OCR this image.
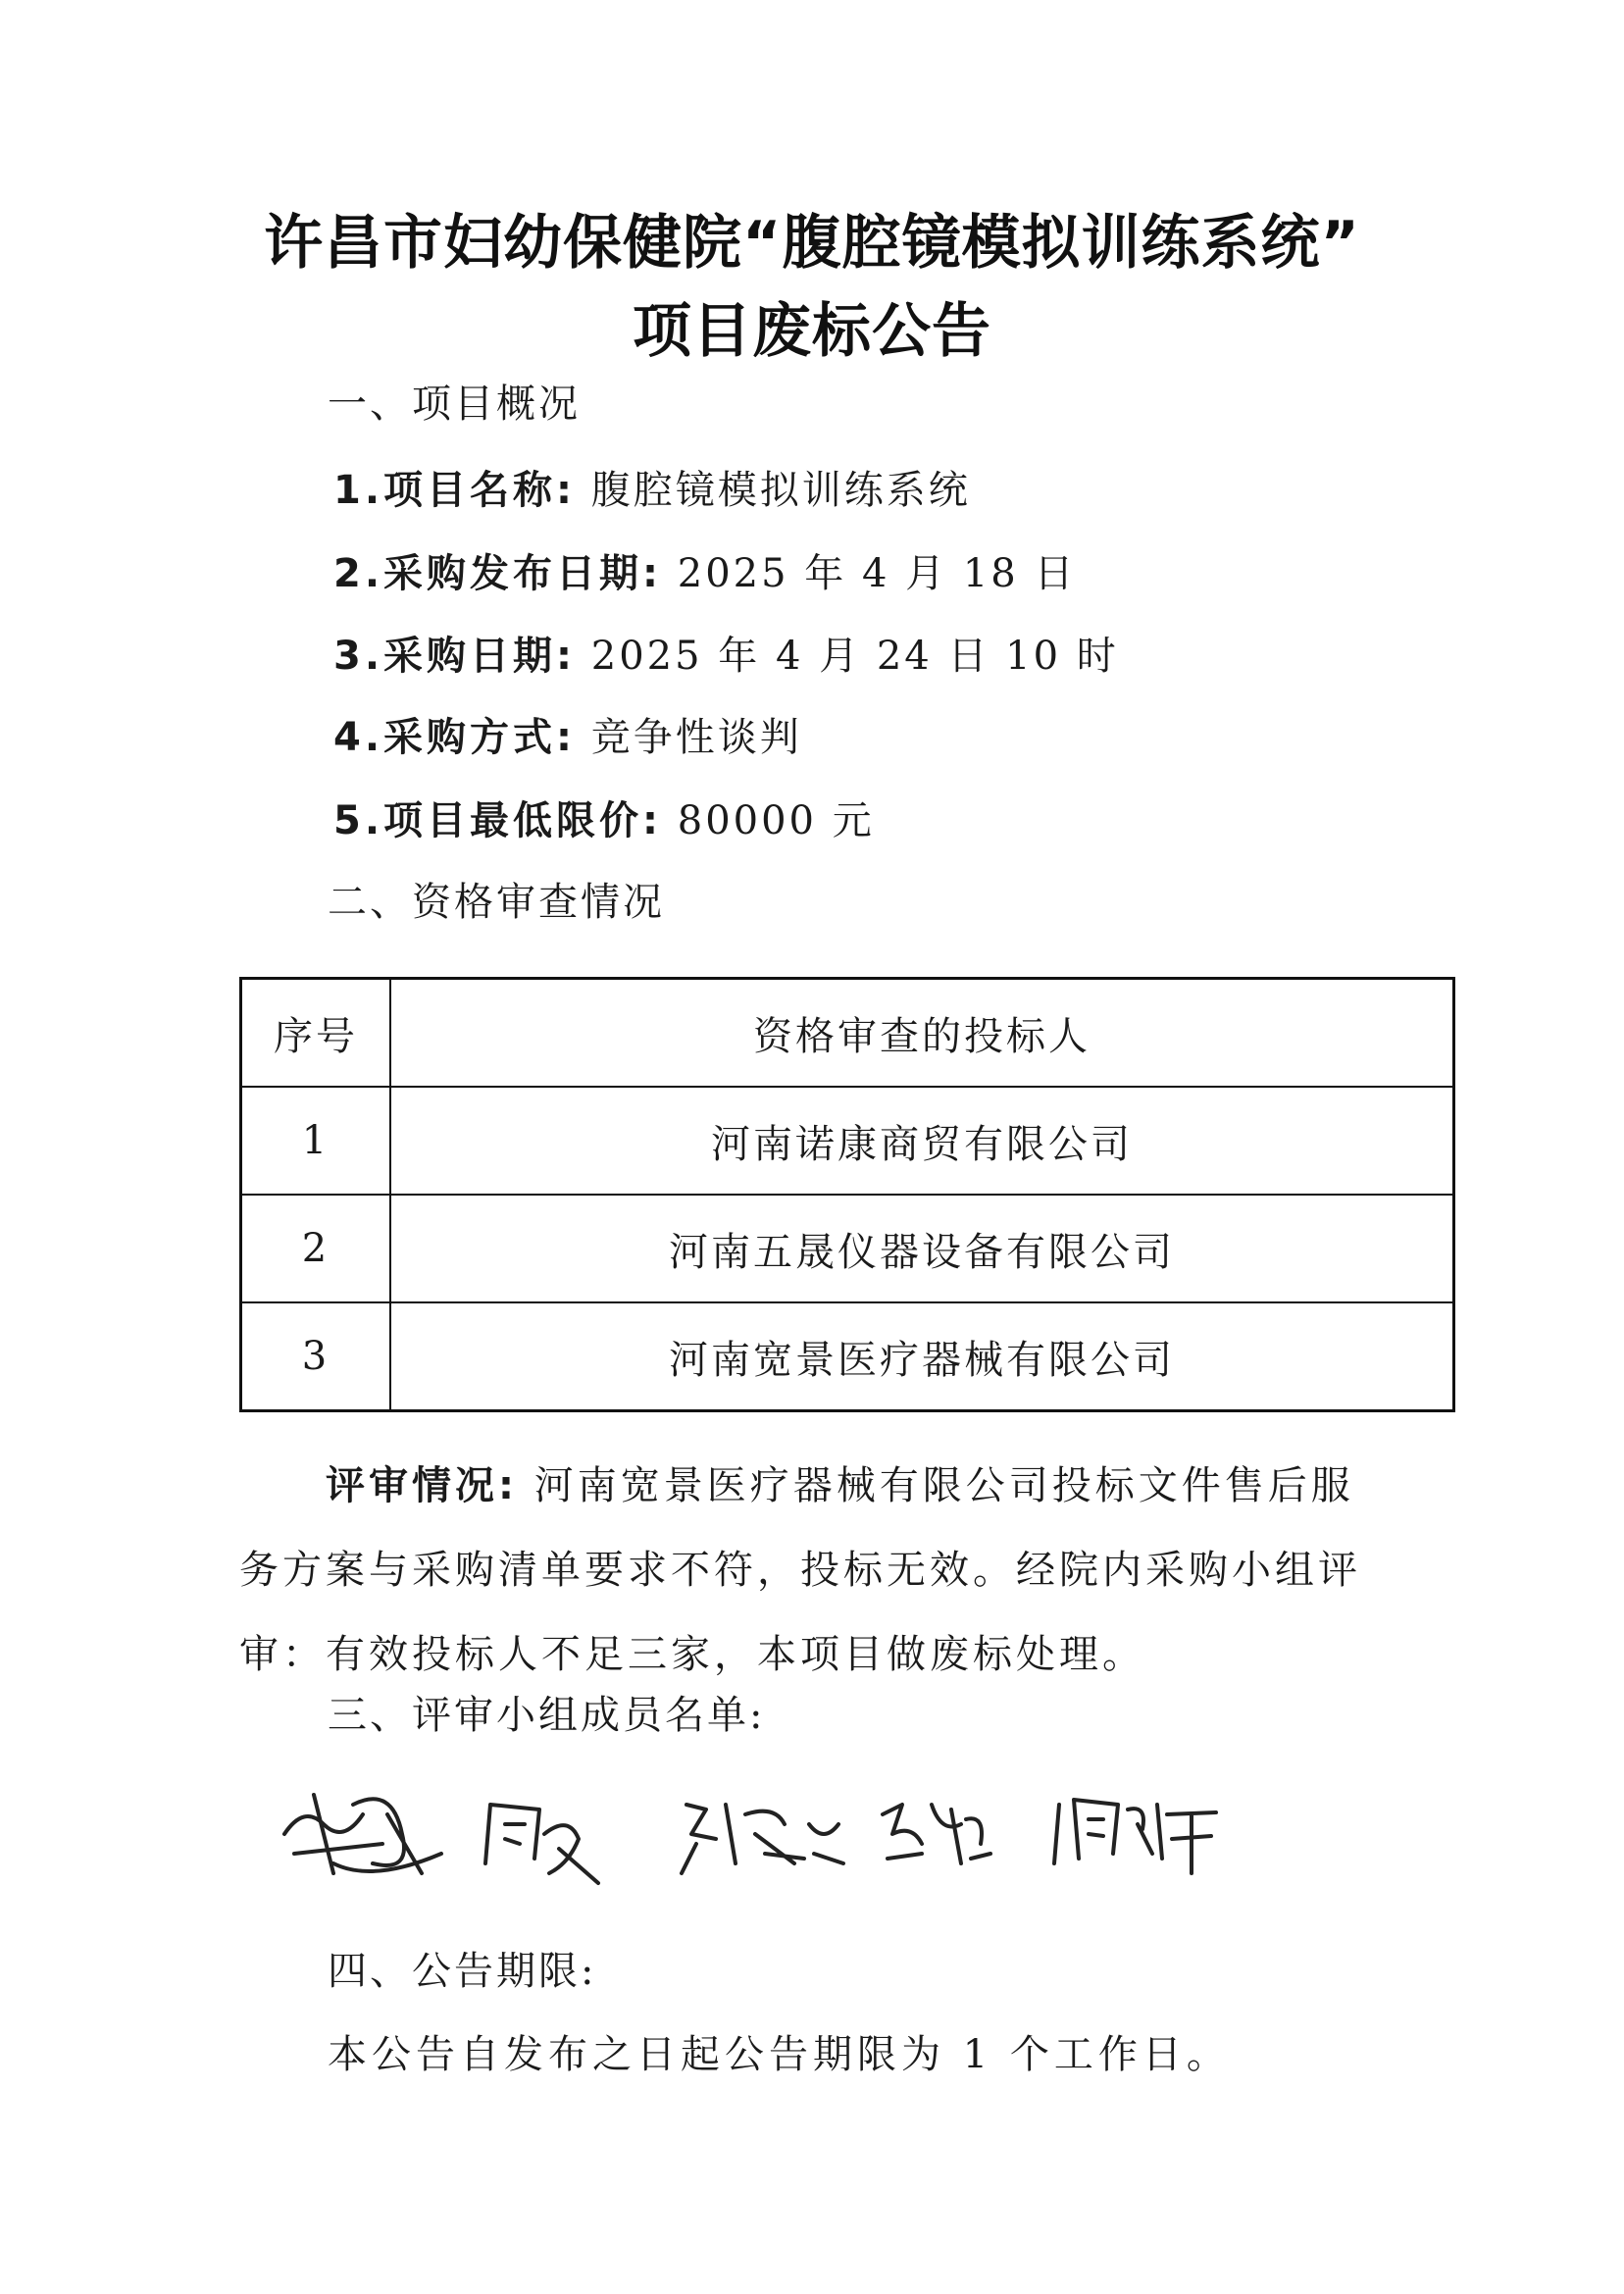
许昌市妇幼保健院“腹腔镜模拟训练系统”
项目废标公告
一、项目概况
1.项目名称: 腹腔镜模拟训练系统
2.采购发布日期: 2025 年 4 月 18 日
3.采购日期: 2025 年 4 月 24 日 10 时
4.采购方式: 竞争性谈判
5.项目最低限价: 80000 元
二、资格审查情况
序号	资格审查的投标人
1	河南诺康商贸有限公司
2	河南五晟仪器设备有限公司
3	河南宽景医疗器械有限公司
评审情况: 河南宽景医疗器械有限公司投标文件售后服务方案与采购清单要求不符，投标无效。经院内采购小组评审：有效投标人不足三家，本项目做废标处理。
三、评审小组成员名单:
四、公告期限:
本公告自发布之日起公告期限为 1 个工作日。
